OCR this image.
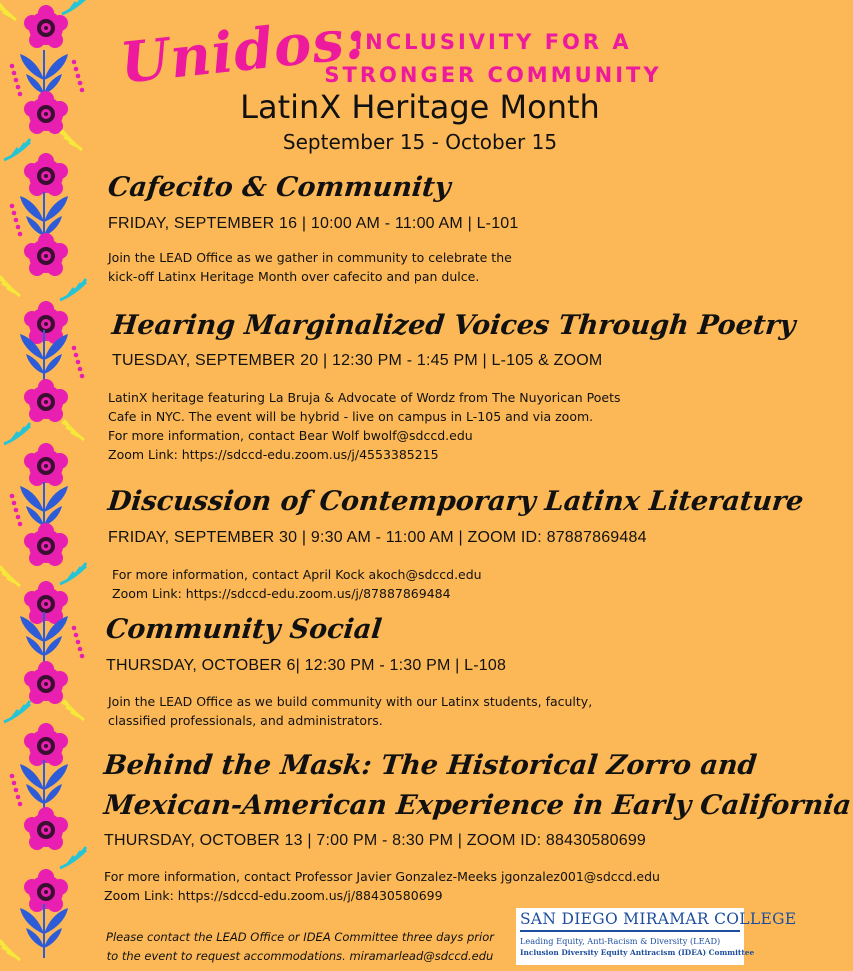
Unidos:
INCLUSIVITY FOR A
STRONGER COMMUNITY
LatinX Heritage Month
September 15 - October 15
Cafecito & Community
FRIDAY, SEPTEMBER 16 | 10:00 AM - 11:00 AM | L-101
Join the LEAD Office as we gather in community to celebrate the
kick-off Latinx Heritage Month over cafecito and pan dulce.
Hearing Marginalized Voices Through Poetry
TUESDAY, SEPTEMBER 20 | 12:30 PM - 1:45 PM | L-105 & ZOOM
LatinX heritage featuring La Bruja & Advocate of Wordz from The Nuyorican Poets
Cafe in NYC. The event will be hybrid - live on campus in L-105 and via zoom.
For more information, contact Bear Wolf bwolf@sdccd.edu
Zoom Link: https://sdccd-edu.zoom.us/j/4553385215
Discussion of Contemporary Latinx Literature
FRIDAY, SEPTEMBER 30 | 9:30 AM - 11:00 AM | ZOOM ID: 87887869484
For more information, contact April Kock akoch@sdccd.edu
Zoom Link: https://sdccd-edu.zoom.us/j/87887869484
Community Social
THURSDAY, OCTOBER 6| 12:30 PM - 1:30 PM | L-108
Join the LEAD Office as we build community with our Latinx students, faculty,
classified professionals, and administrators.
Behind the Mask: The Historical Zorro and
Mexican-American Experience in Early California
THURSDAY, OCTOBER 13 | 7:00 PM - 8:30 PM | ZOOM ID: 88430580699
For more information, contact Professor Javier Gonzalez-Meeks jgonzalez001@sdccd.edu
Zoom Link: https://sdccd-edu.zoom.us/j/88430580699
Please contact the LEAD Office or IDEA Committee three days prior
to the event to request accommodations. miramarlead@sdccd.edu
SAN DIEGO MIRAMAR COLLEGE
Leading Equity, Anti-Racism & Diversity (LEAD)
Inclusion Diversity Equity Antiracism (IDEA) Committee
